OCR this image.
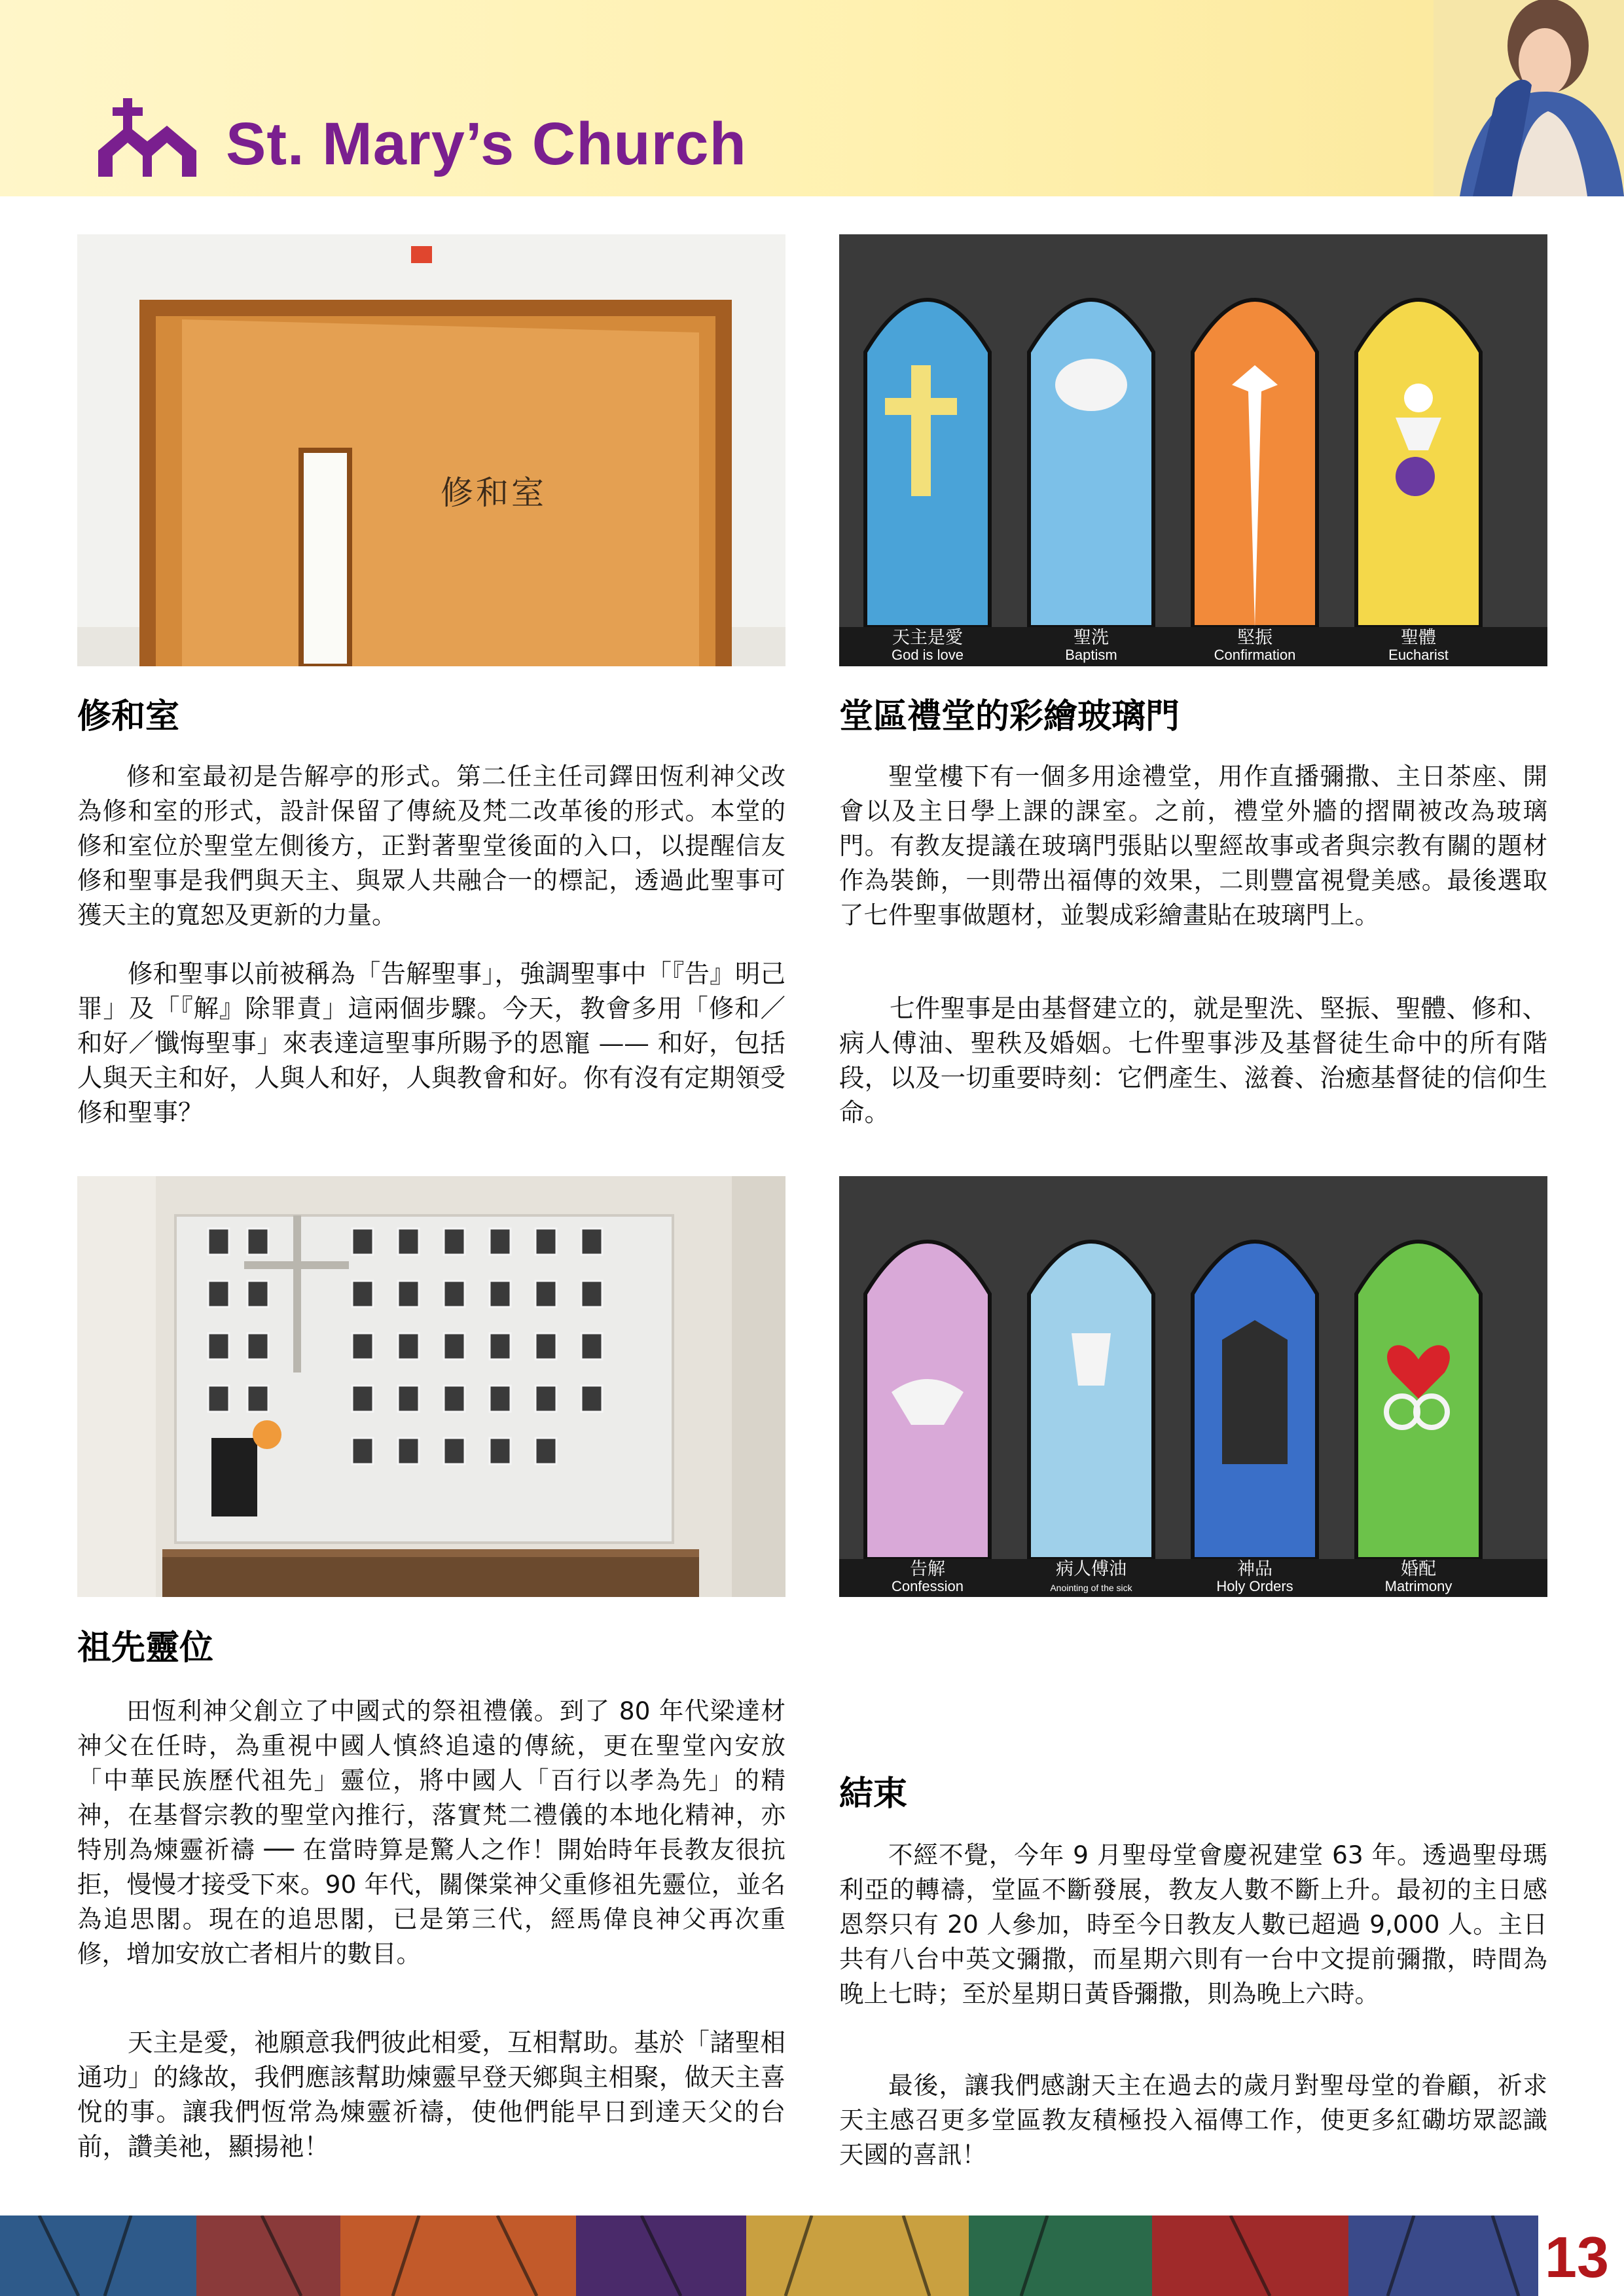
St. Mary’s Church
修和室
天主是愛
God is love
聖洗
Baptism
堅振
Confirmation
聖體
Eucharist
修和室

修和室最初是告解亭的形式。第二任主任司鐸田恆利神父改為修和室的形式，設計保留了傳統及梵二改革後的形式。本堂的修和室位於聖堂左側後方，正對著聖堂後面的入口，以提醒信友修和聖事是我們與天主、與眾人共融合一的標記，透過此聖事可獲天主的寬恕及更新的力量。

修和聖事以前被稱為「告解聖事」，強調聖事中「『告』明己罪」及「『解』除罪責」這兩個步驟。今天，教會多用「修和／和好／懺悔聖事」來表達這聖事所賜予的恩寵 —— 和好，包括人與天主和好，人與人和好，人與教會和好。你有沒有定期領受修和聖事？

堂區禮堂的彩繪玻璃門

聖堂樓下有一個多用途禮堂，用作直播彌撒、主日茶座、開會以及主日學上課的課室。之前，禮堂外牆的摺閘被改為玻璃門。有教友提議在玻璃門張貼以聖經故事或者與宗教有關的題材作為裝飾，一則帶出福傳的效果，二則豐富視覺美感。最後選取了七件聖事做題材，並製成彩繪畫貼在玻璃門上。

七件聖事是由基督建立的，就是聖洗、堅振、聖體、修和、病人傅油、聖秩及婚姻。七件聖事涉及基督徒生命中的所有階段，以及一切重要時刻：它們產生、滋養、治癒基督徒的信仰生命。

告解
Confession
病人傅油
Anointing of the sick
神品
Holy Orders
婚配
Matrimony
祖先靈位

田恆利神父創立了中國式的祭祖禮儀。到了 80 年代梁達材神父在任時，為重視中國人慎終追遠的傳統，更在聖堂內安放「中華民族歷代祖先」靈位，將中國人「百行以孝為先」的精神，在基督宗教的聖堂內推行，落實梵二禮儀的本地化精神，亦特別為煉靈祈禱 ── 在當時算是驚人之作！開始時年長教友很抗拒，慢慢才接受下來。90 年代，關傑棠神父重修祖先靈位，並名為追思閣。現在的追思閣，已是第三代，經馬偉良神父再次重修，增加安放亡者相片的數目。

天主是愛，祂願意我們彼此相愛，互相幫助。基於「諸聖相通功」的緣故，我們應該幫助煉靈早登天鄉與主相聚，做天主喜悅的事。讓我們恆常為煉靈祈禱，使他們能早日到達天父的台前，讚美祂，顯揚祂！

結束

不經不覺，今年 9 月聖母堂會慶祝建堂 63 年。透過聖母瑪利亞的轉禱，堂區不斷發展，教友人數不斷上升。最初的主日感恩祭只有 20 人參加，時至今日教友人數已超過 9,000 人。主日共有八台中英文彌撒，而星期六則有一台中文提前彌撒，時間為晚上七時；至於星期日黃昏彌撒，則為晚上六時。

最後，讓我們感謝天主在過去的歲月對聖母堂的眷顧，祈求天主感召更多堂區教友積極投入福傳工作，使更多紅磡坊眾認識天國的喜訊！

13
